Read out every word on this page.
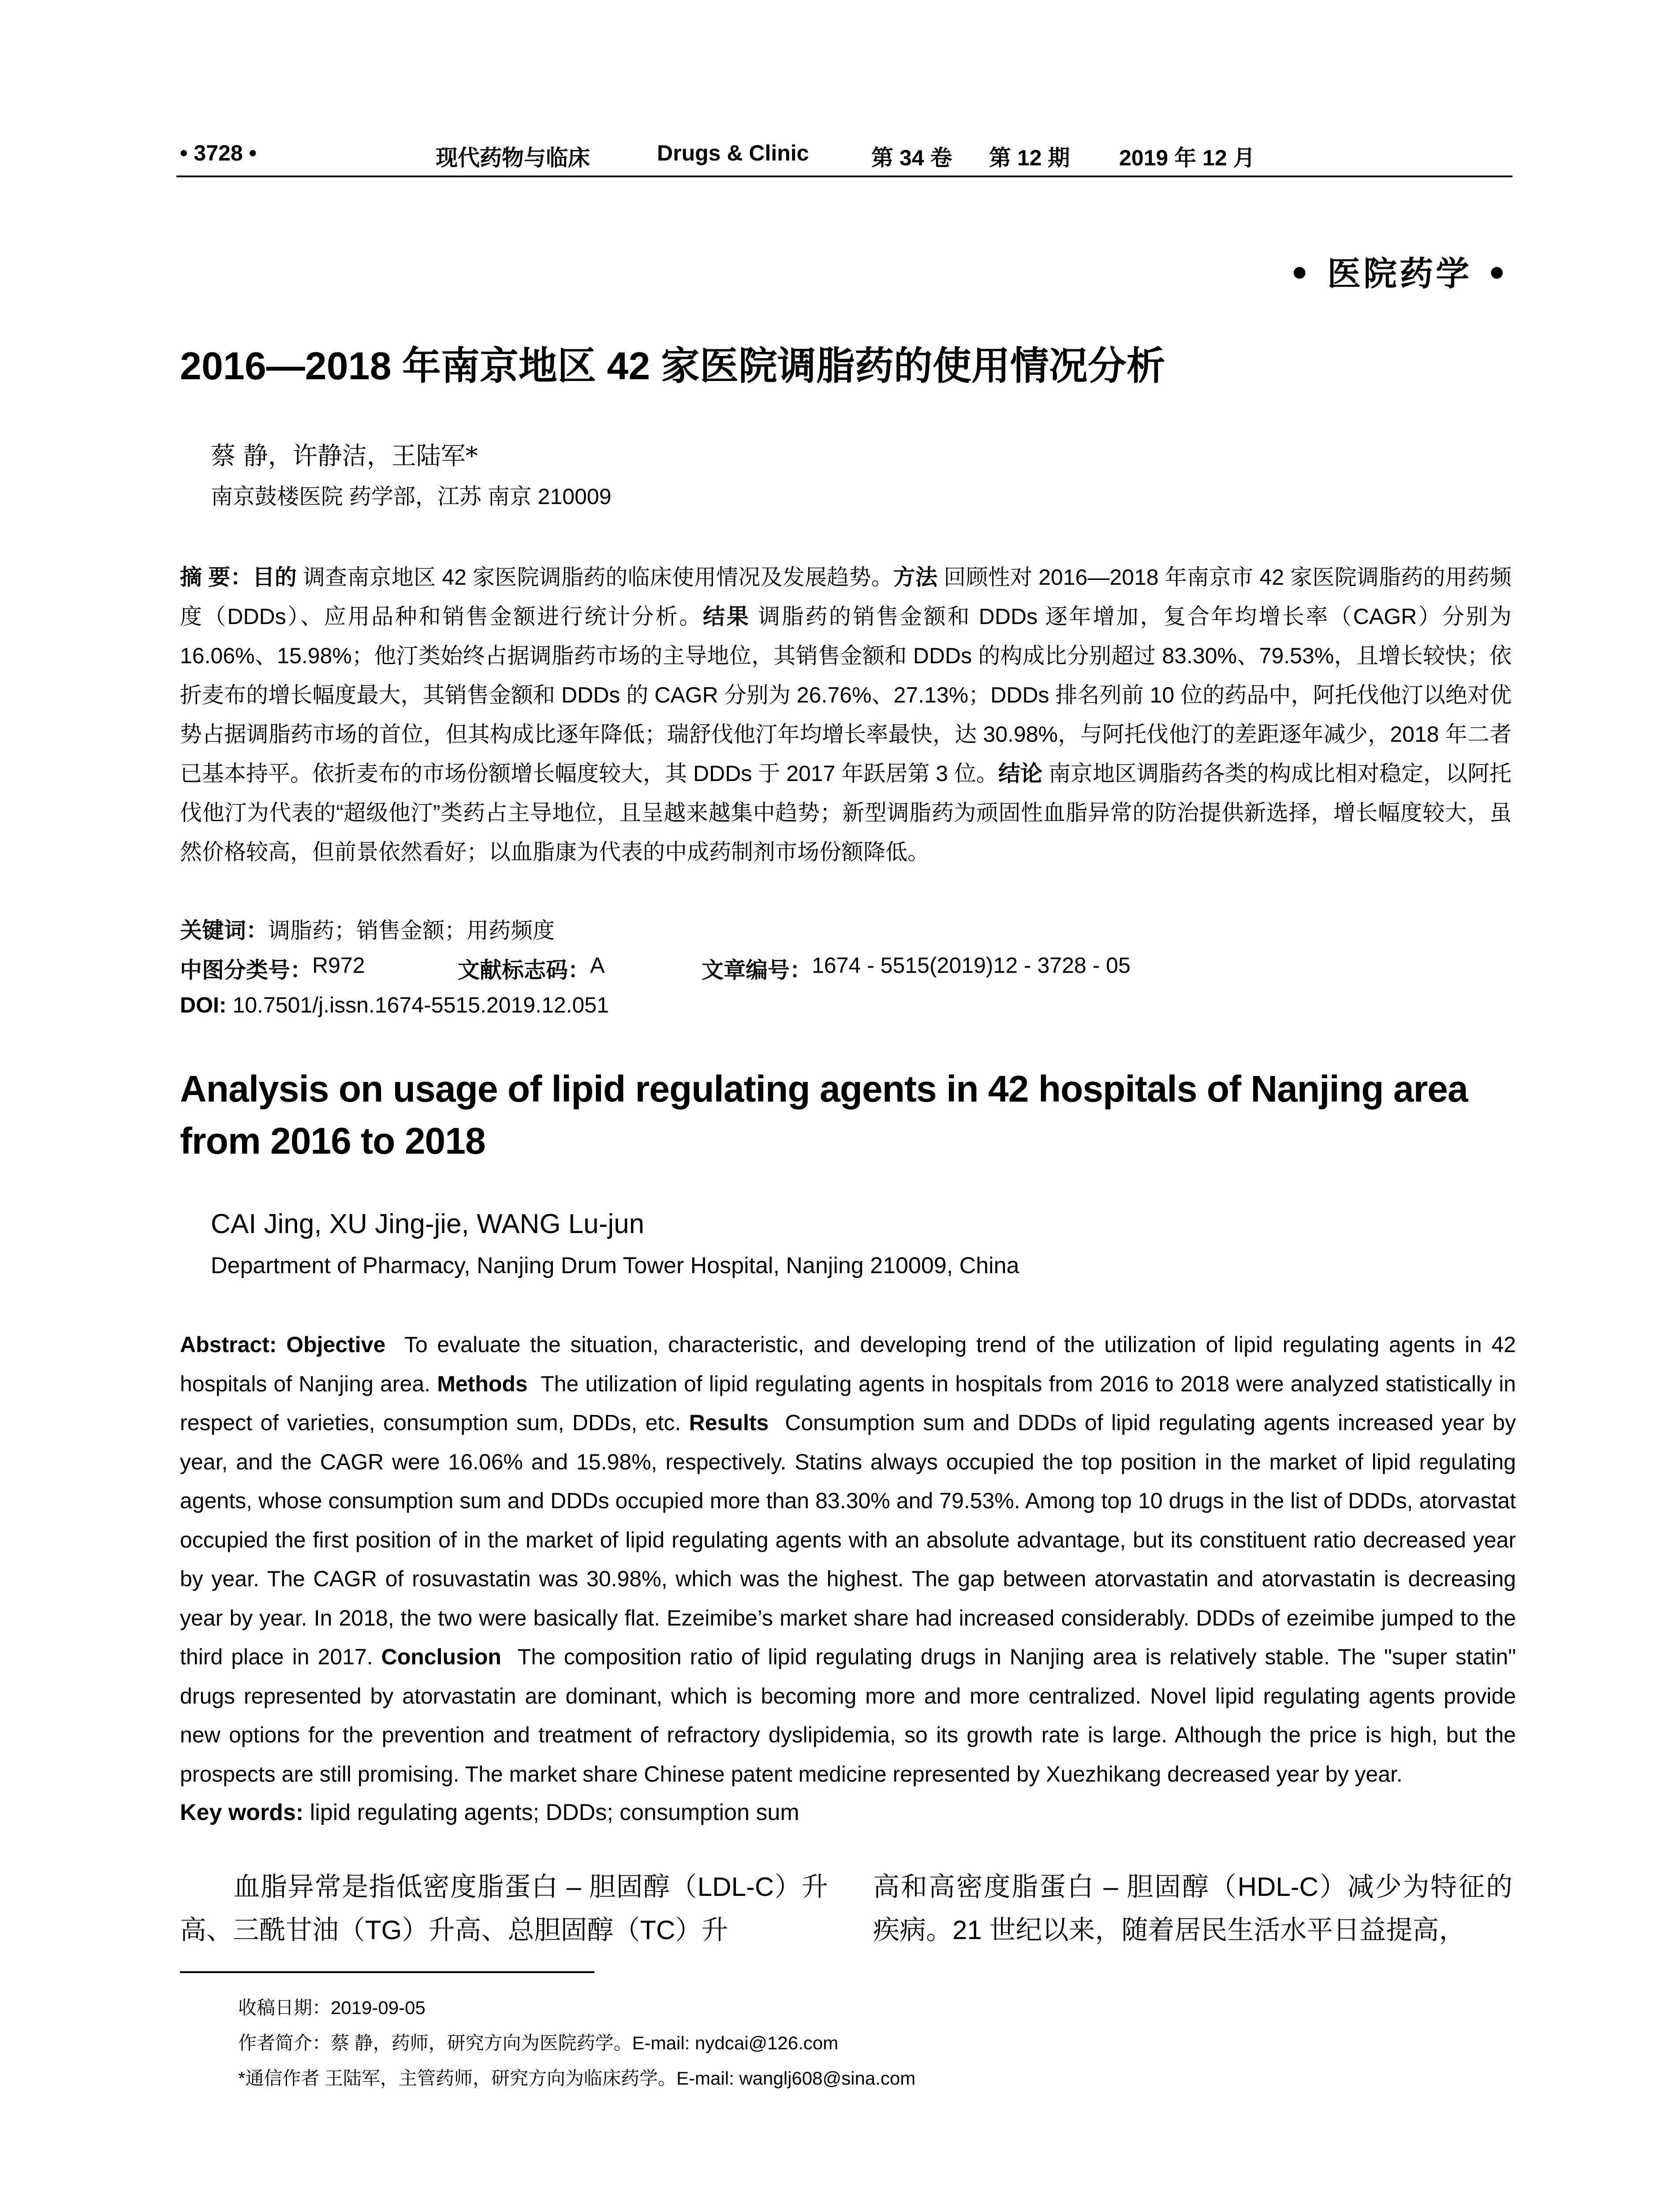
• 3728 •	现代药物与临床	Drugs & Clinic	第 34 卷 第 12 期 2019 年 12 月
• 医院药学 •
2016—2018 年南京地区 42 家医院调脂药的使用情况分析
蔡 静，许静洁，王陆军*
南京鼓楼医院 药学部，江苏 南京 210009
摘 要：目的 调查南京地区 42 家医院调脂药的临床使用情况及发展趋势。方法 回顾性对 2016—2018 年南京市 42 家医院调脂药的用药频度（DDDs）、应用品种和销售金额进行统计分析。结果 调脂药的销售金额和 DDDs 逐年增加，复合年均增长率（CAGR）分别为 16.06%、15.98%；他汀类始终占据调脂药市场的主导地位，其销售金额和 DDDs 的构成比分别超过 83.30%、79.53%，且增长较快；依折麦布的增长幅度最大，其销售金额和 DDDs 的 CAGR 分别为 26.76%、27.13%；DDDs 排名列前 10 位的药品中，阿托伐他汀以绝对优势占据调脂药市场的首位，但其构成比逐年降低；瑞舒伐他汀年均增长率最快，达 30.98%，与阿托伐他汀的差距逐年减少，2018 年二者已基本持平。依折麦布的市场份额增长幅度较大，其 DDDs 于 2017 年跃居第 3 位。结论 南京地区调脂药各类的构成比相对稳定，以阿托伐他汀为代表的“超级他汀”类药占主导地位，且呈越来越集中趋势；新型调脂药为顽固性血脂异常的防治提供新选择，增长幅度较大，虽然价格较高，但前景依然看好；以血脂康为代表的中成药制剂市场份额降低。
关键词：调脂药；销售金额；用药频度
中图分类号： R972	文献标志码： A	文章编号： 1674 - 5515(2019)12 - 3728 - 05
DOI: 10.7501/j.issn.1674-5515.2019.12.051
Analysis on usage of lipid regulating agents in 42 hospitals of Nanjing area from 2016 to 2018
CAI Jing, XU Jing-jie, WANG Lu-jun
Department of Pharmacy, Nanjing Drum Tower Hospital, Nanjing 210009, China
Abstract: Objective To evaluate the situation, characteristic, and developing trend of the utilization of lipid regulating agents in 42 hospitals of Nanjing area. Methods The utilization of lipid regulating agents in hospitals from 2016 to 2018 were analyzed statistically in respect of varieties, consumption sum, DDDs, etc. Results Consumption sum and DDDs of lipid regulating agents increased year by year, and the CAGR were 16.06% and 15.98%, respectively. Statins always occupied the top position in the market of lipid regulating agents, whose consumption sum and DDDs occupied more than 83.30% and 79.53%. Among top 10 drugs in the list of DDDs, atorvastat occupied the first position of in the market of lipid regulating agents with an absolute advantage, but its constituent ratio decreased year by year. The CAGR of rosuvastatin was 30.98%, which was the highest. The gap between atorvastatin and atorvastatin is decreasing year by year. In 2018, the two were basically flat. Ezeimibe’s market share had increased considerably. DDDs of ezeimibe jumped to the third place in 2017. Conclusion The composition ratio of lipid regulating drugs in Nanjing area is relatively stable. The "super statin" drugs represented by atorvastatin are dominant, which is becoming more and more centralized. Novel lipid regulating agents provide new options for the prevention and treatment of refractory dyslipidemia, so its growth rate is large. Although the price is high, but the prospects are still promising. The market share Chinese patent medicine represented by Xuezhikang decreased year by year.
Key words: lipid regulating agents; DDDs; consumption sum
血脂异常是指低密度脂蛋白 – 胆固醇（LDL-C）升高、三酰甘油（TG）升高、总胆固醇（TC）升
高和高密度脂蛋白 – 胆固醇（HDL-C）减少为特征的疾病。21 世纪以来，随着居民生活水平日益提高，
收稿日期：2019-09-05
作者简介：蔡 静，药师，研究方向为医院药学。E-mail: nydcai@126.com
*通信作者 王陆军，主管药师，研究方向为临床药学。E-mail: wanglj608@sina.com
